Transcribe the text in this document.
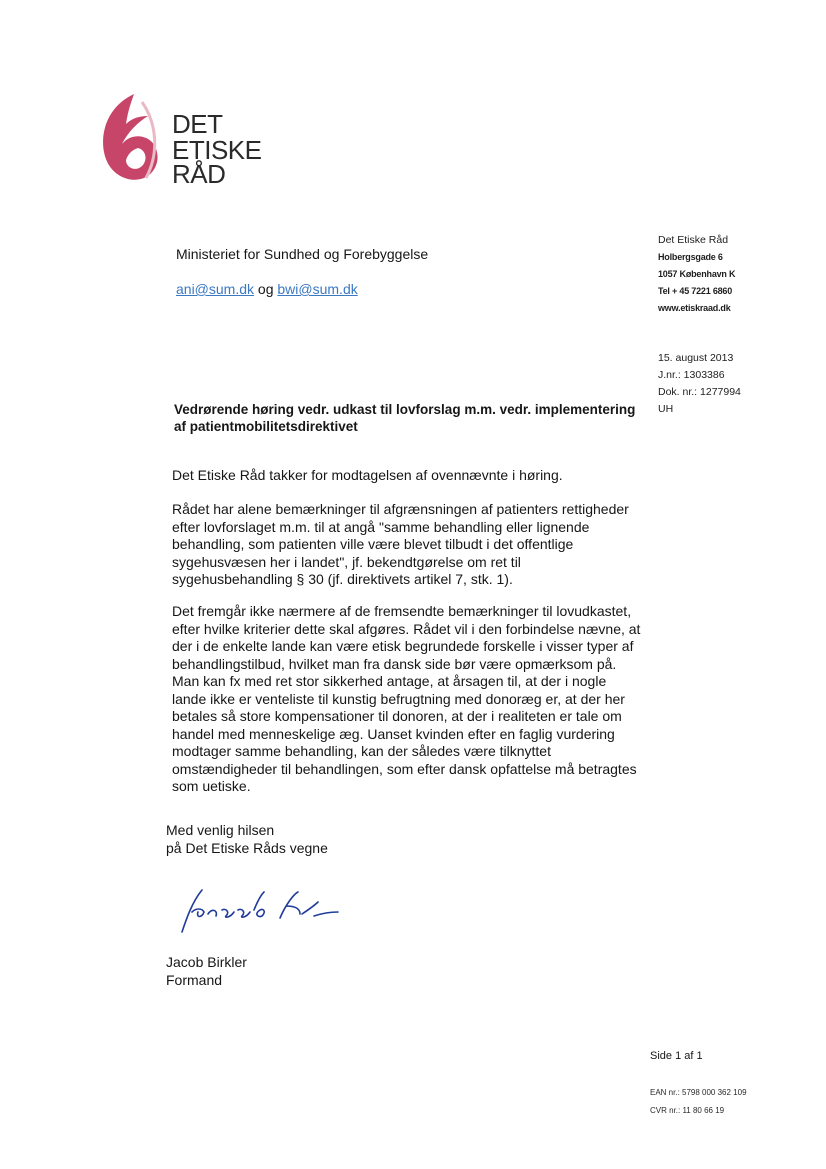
DET
ETISKE
RÅD
Ministeriet for Sundhed og Forebyggelse
ani@sum.dk og bwi@sum.dk
Det Etiske Råd
Holbergsgade 6
1057 København K
Tel + 45 7221 6860
www.etiskraad.dk
15. august 2013
J.nr.: 1303386
Dok. nr.: 1277994
UH
Vedrørende høring vedr. udkast til lovforslag m.m. vedr. implementering af patientmobilitetsdirektivet
Det Etiske Råd takker for modtagelsen af ovennævnte i høring.
Rådet har alene bemærkninger til afgrænsningen af patienters rettigheder efter lovforslaget m.m. til at angå "samme behandling eller lignende behandling, som patienten ville være blevet tilbudt i det offentlige sygehusvæsen her i landet", jf. bekendtgørelse om ret til sygehusbehandling § 30 (jf. direktivets artikel 7, stk. 1).
Det fremgår ikke nærmere af de fremsendte bemærkninger til lovudkastet, efter hvilke kriterier dette skal afgøres. Rådet vil i den forbindelse nævne, at der i de enkelte lande kan være etisk begrundede forskelle i visser typer af behandlingstilbud, hvilket man fra dansk side bør være opmærksom på. Man kan fx med ret stor sikkerhed antage, at årsagen til, at der i nogle lande ikke er venteliste til kunstig befrugtning med donoræg er, at der her betales så store kompensationer til donoren, at der i realiteten er tale om handel med menneskelige æg. Uanset kvinden efter en faglig vurdering modtager samme behandling, kan der således være tilknyttet omstændigheder til behandlingen, som efter dansk opfattelse må betragtes som uetiske.
Med venlig hilsen
på Det Etiske Råds vegne
Jacob Birkler
Formand
Side 1 af 1
EAN nr.: 5798 000 362 109
CVR nr.: 11 80 66 19
